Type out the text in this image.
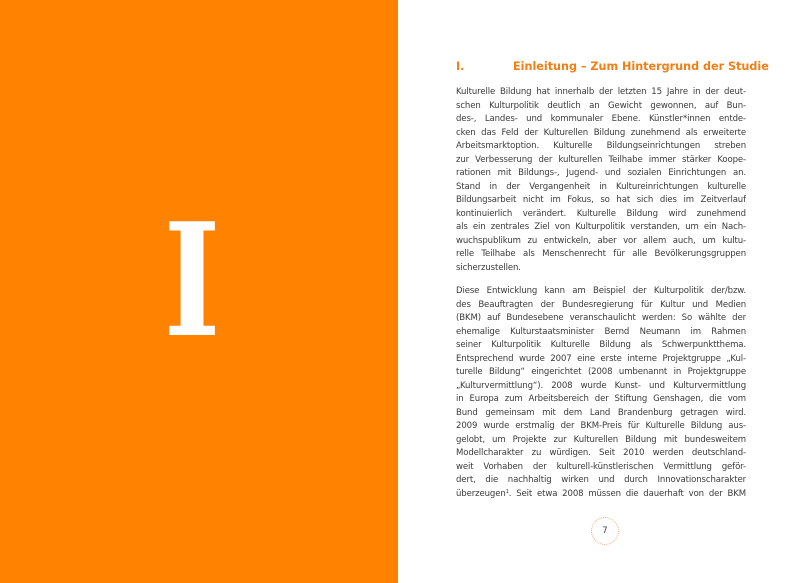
I
I.	Einleitung – Zum Hintergrund der Studie
Kulturelle Bildung hat innerhalb der letzten 15 Jahre in der deut-
schen Kulturpolitik deutlich an Gewicht gewonnen, auf Bun-
des-, Landes- und kommunaler Ebene. Künstler*innen entde-
cken das Feld der Kulturellen Bildung zunehmend als erweiterte
Arbeitsmarktoption. Kulturelle Bildungseinrichtungen streben
zur Verbesserung der kulturellen Teilhabe immer stärker Koope-
rationen mit Bildungs-, Jugend- und sozialen Einrichtungen an.
Stand in der Vergangenheit in Kultureinrichtungen kulturelle
Bildungsarbeit nicht im Fokus, so hat sich dies im Zeitverlauf
kontinuierlich verändert. Kulturelle Bildung wird zunehmend
als ein zentrales Ziel von Kulturpolitik verstanden, um ein Nach-
wuchspublikum zu entwickeln, aber vor allem auch, um kultu-
relle Teilhabe als Menschenrecht für alle Bevölkerungsgruppen
sicherzustellen.
Diese Entwicklung kann am Beispiel der Kulturpolitik der/bzw.
des Beauftragten der Bundesregierung für Kultur und Medien
(BKM) auf Bundesebene veranschaulicht werden: So wählte der
ehemalige Kulturstaatsminister Bernd Neumann im Rahmen
seiner Kulturpolitik Kulturelle Bildung als Schwerpunktthema.
Entsprechend wurde 2007 eine erste interne Projektgruppe „Kul-
turelle Bildung“ eingerichtet (2008 umbenannt in Projektgruppe
„Kulturvermittlung“). 2008 wurde Kunst- und Kulturvermittlung
in Europa zum Arbeitsbereich der Stiftung Genshagen, die vom
Bund gemeinsam mit dem Land Brandenburg getragen wird.
2009 wurde erstmalig der BKM-Preis für Kulturelle Bildung aus-
gelobt, um Projekte zur Kulturellen Bildung mit bundesweitem
Modellcharakter zu würdigen. Seit 2010 werden deutschland-
weit Vorhaben der kulturell-künstlerischen Vermittlung geför-
dert, die nachhaltig wirken und durch Innovationscharakter
überzeugen$^1$. Seit etwa 2008 müssen die dauerhaft von der BKM
7
